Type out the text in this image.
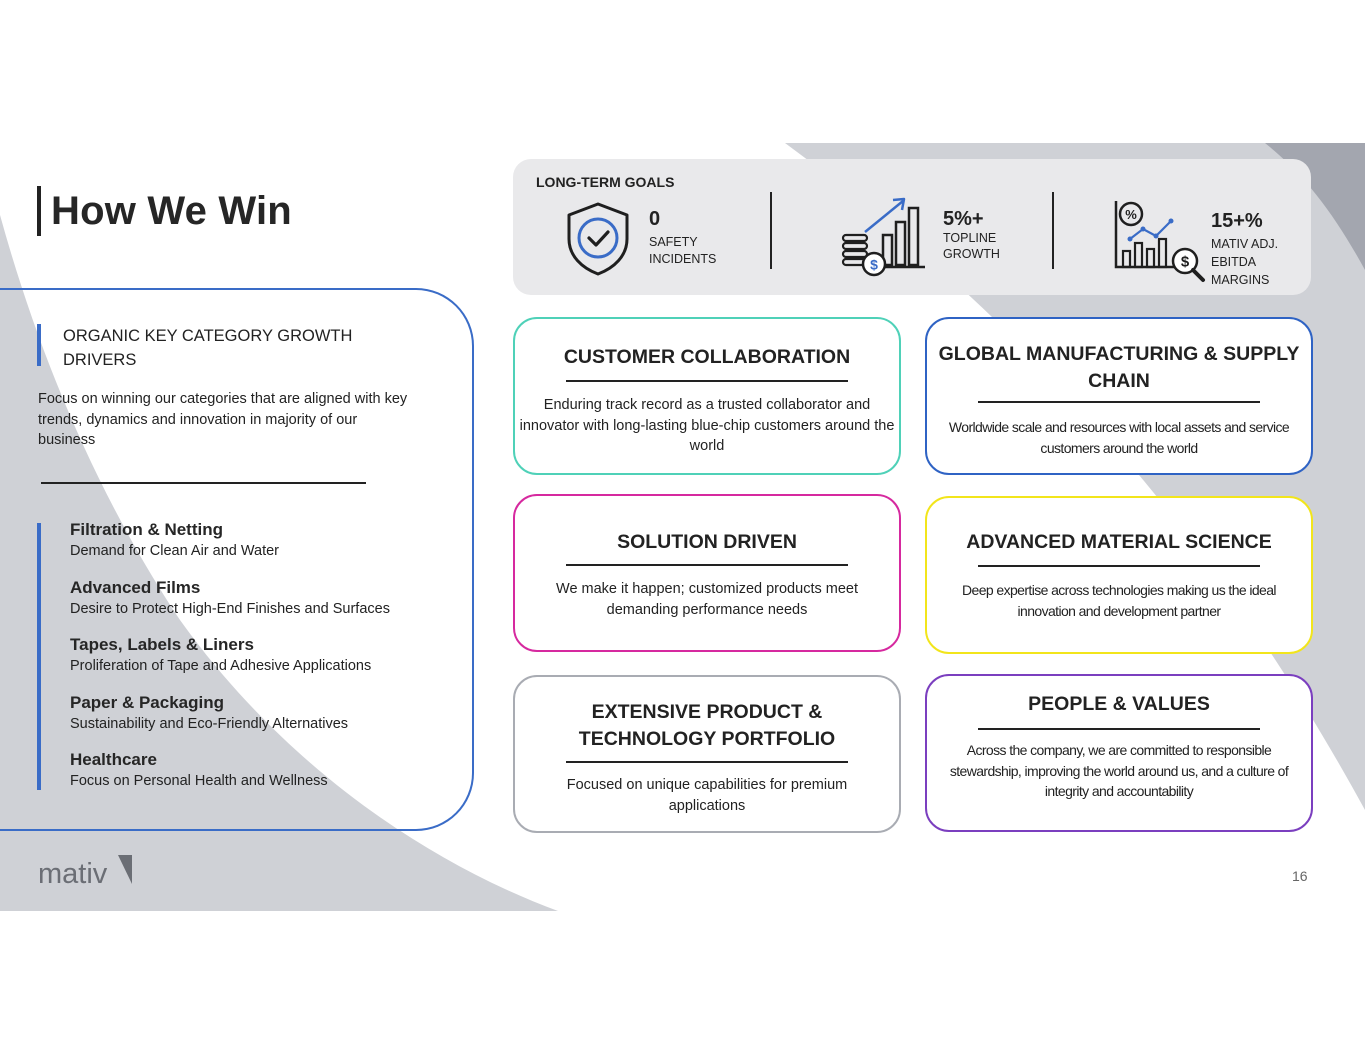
How We Win
ORGANIC KEY CATEGORY GROWTH DRIVERS
Focus on winning our categories that are aligned with key trends, dynamics and innovation in majority of our business
Filtration & Netting
Demand for Clean Air and Water
Advanced Films
Desire to Protect High-End Finishes and Surfaces
Tapes, Labels & Liners
Proliferation of Tape and Adhesive Applications
Paper & Packaging
Sustainability and Eco-Friendly Alternatives
Healthcare
Focus on Personal Health and Wellness
LONG-TERM GOALS
0
SAFETY
INCIDENTS	$
5%+
TOPLINE
GROWTH
%
$
15+%
MATIV ADJ.
EBITDA MARGINS
CUSTOMER COLLABORATION
Enduring track record as a trusted collaborator and innovator with long-lasting blue-chip customers around the world
GLOBAL MANUFACTURING & SUPPLY CHAIN
Worldwide scale and resources with local assets and service customers around the world
SOLUTION DRIVEN
We make it happen; customized products meet demanding performance needs
ADVANCED MATERIAL SCIENCE
Deep expertise across technologies making us the ideal innovation and development partner
EXTENSIVE PRODUCT & TECHNOLOGY PORTFOLIO
Focused on unique capabilities for premium applications
PEOPLE & VALUES
Across the company, we are committed to responsible stewardship, improving the world around us, and a culture of integrity and accountability
mativ	16
